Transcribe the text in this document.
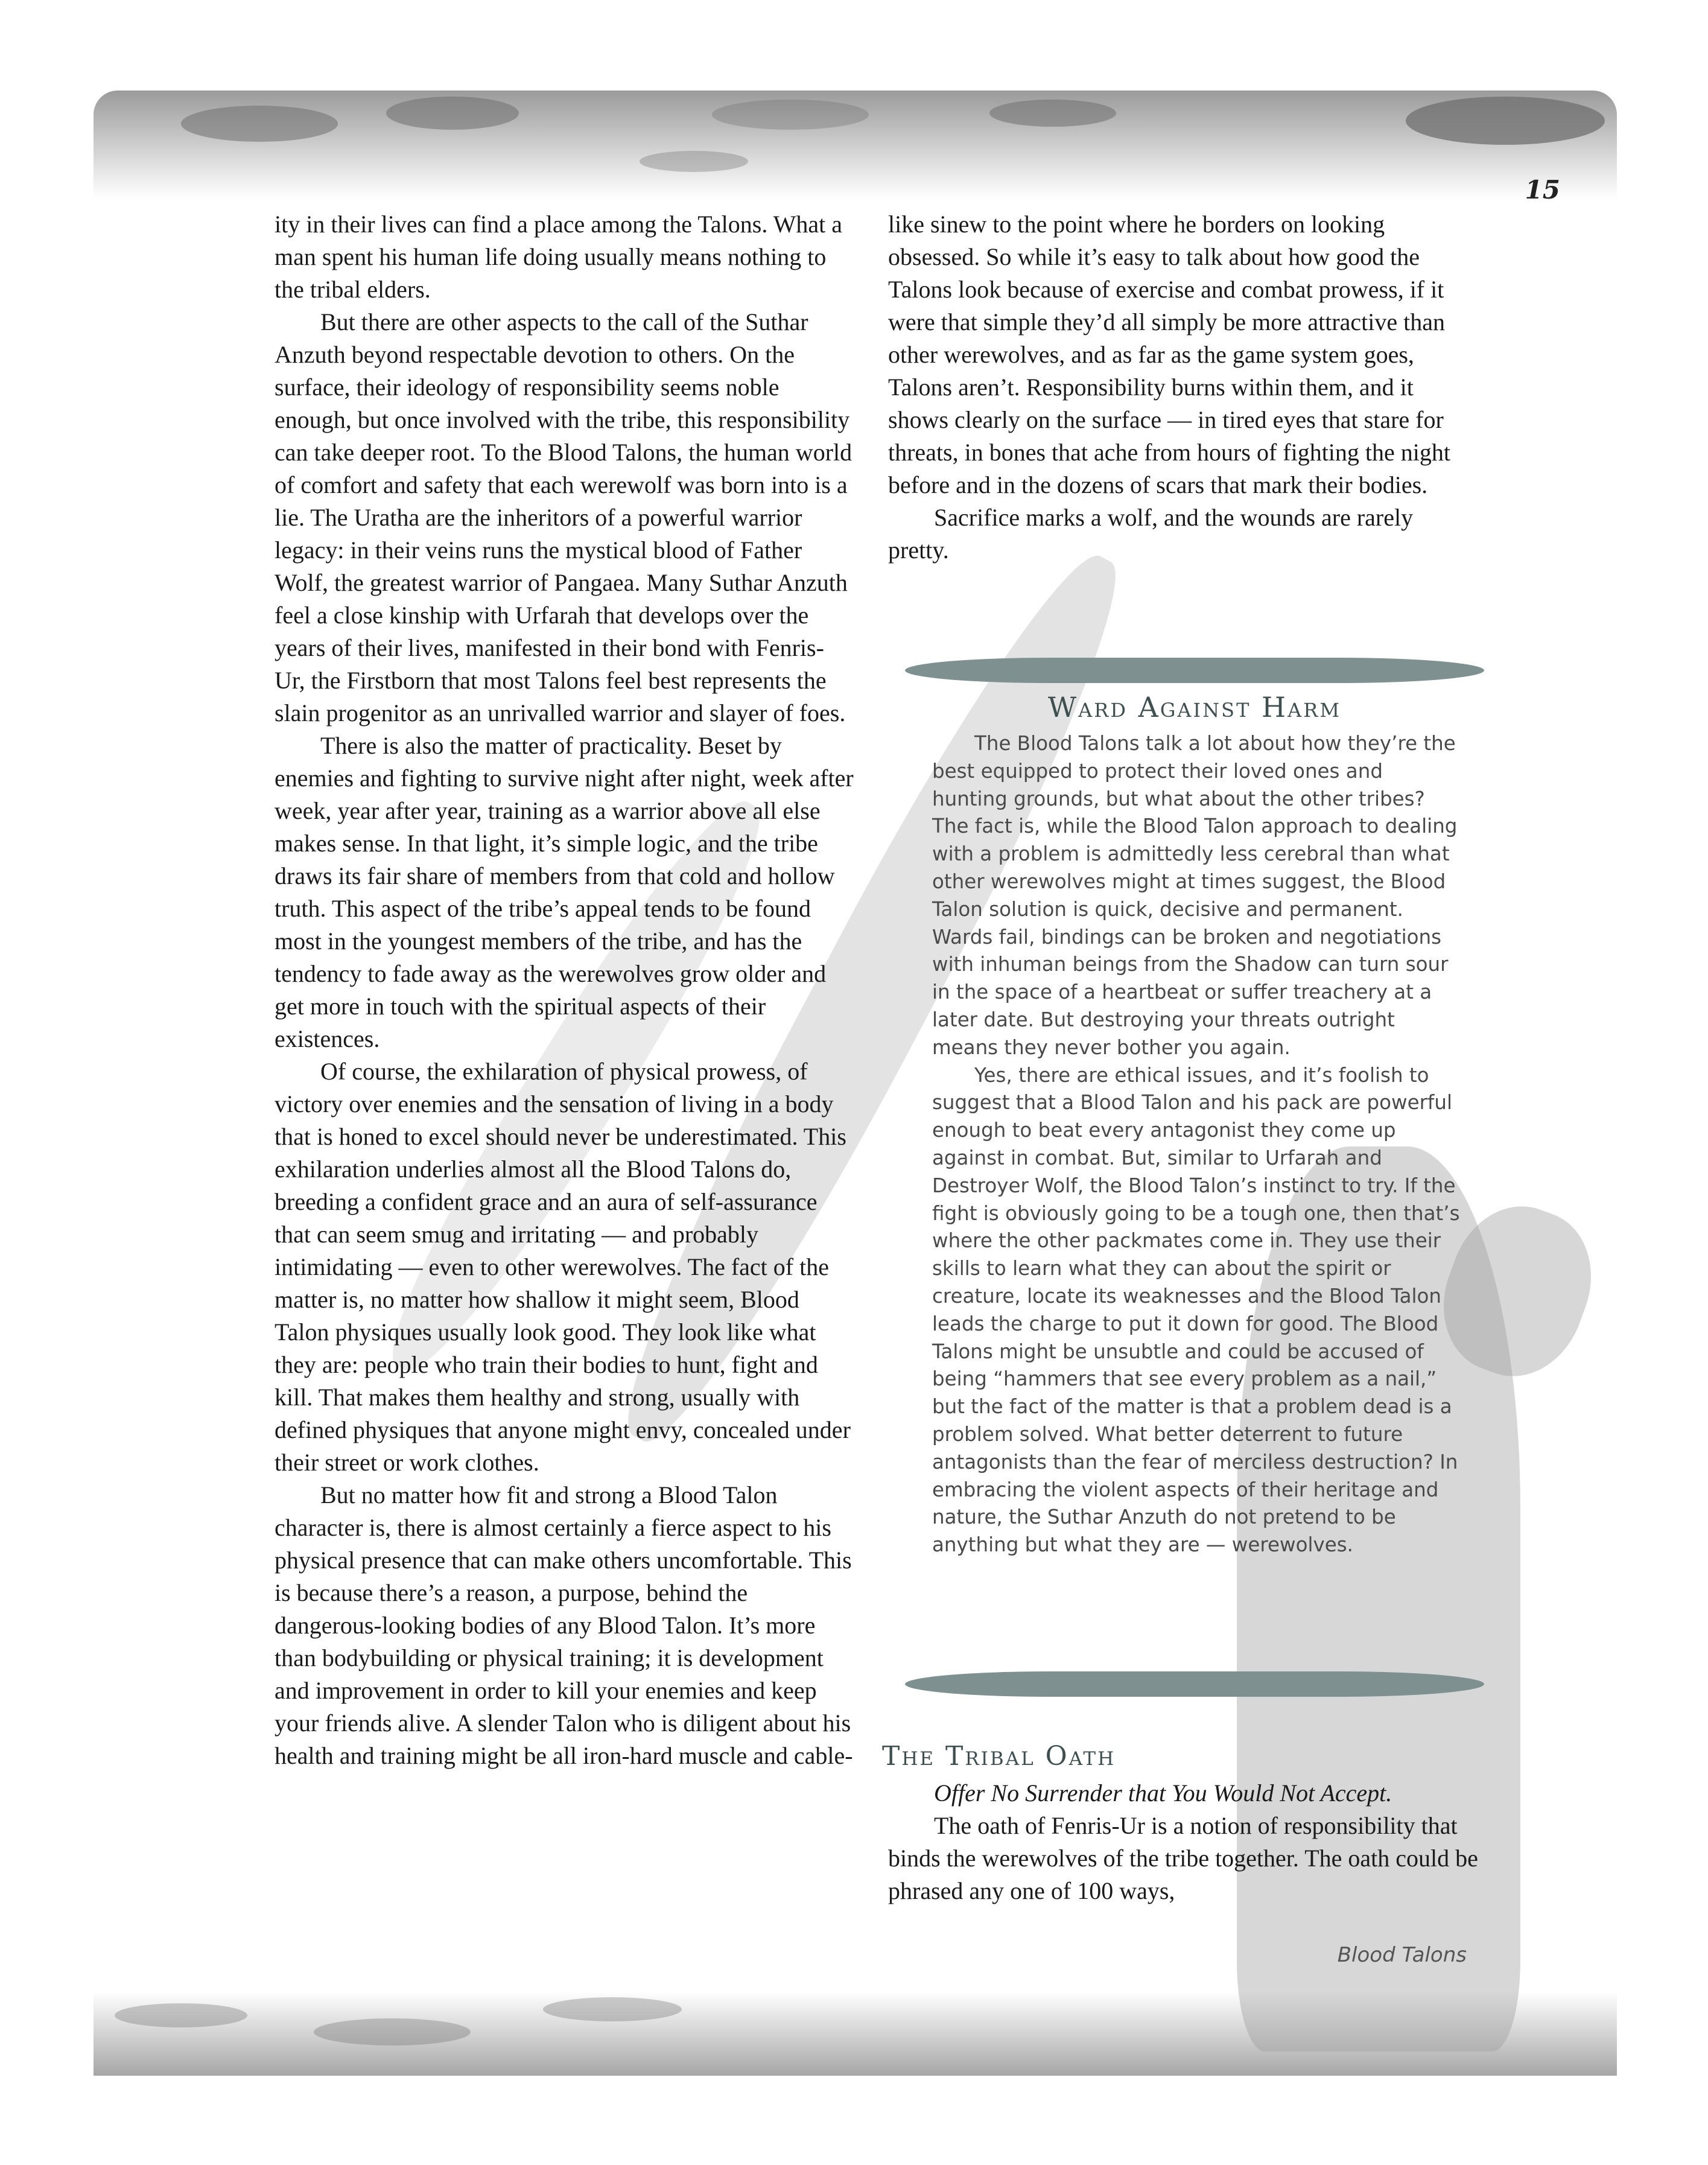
15

ity in their lives can find a place among the Talons. What a man spent his human life doing usually means nothing to the tribal elders.

But there are other aspects to the call of the Suthar Anzuth beyond respectable devotion to others. On the surface, their ideology of responsibility seems noble enough, but once involved with the tribe, this responsibility can take deeper root. To the Blood Talons, the human world of comfort and safety that each werewolf was born into is a lie. The Uratha are the inheritors of a powerful warrior legacy: in their veins runs the mystical blood of Father Wolf, the greatest warrior of Pangaea. Many Suthar Anzuth feel a close kinship with Urfarah that develops over the years of their lives, manifested in their bond with Fenris-Ur, the Firstborn that most Talons feel best represents the slain progenitor as an unrivalled warrior and slayer of foes.

There is also the matter of practicality. Beset by enemies and fighting to survive night after night, week after week, year after year, training as a warrior above all else makes sense. In that light, it’s simple logic, and the tribe draws its fair share of members from that cold and hollow truth. This aspect of the tribe’s appeal tends to be found most in the youngest members of the tribe, and has the tendency to fade away as the werewolves grow older and get more in touch with the spiritual aspects of their existences.

Of course, the exhilaration of physical prowess, of victory over enemies and the sensation of living in a body that is honed to excel should never be underestimated. This exhilaration underlies almost all the Blood Talons do, breeding a confident grace and an aura of self-assurance that can seem smug and irritating — and probably intimidating — even to other werewolves. The fact of the matter is, no matter how shallow it might seem, Blood Talon physiques usually look good. They look like what they are: people who train their bodies to hunt, fight and kill. That makes them healthy and strong, usually with defined physiques that anyone might envy, concealed under their street or work clothes.

But no matter how fit and strong a Blood Talon character is, there is almost certainly a fierce aspect to his physical presence that can make others uncomfortable. This is because there’s a reason, a purpose, behind the dangerous-looking bodies of any Blood Talon. It’s more than bodybuilding or physical training; it is development and improvement in order to kill your enemies and keep your friends alive. A slender Talon who is diligent about his health and training might be all iron-hard muscle and cable-

like sinew to the point where he borders on looking obsessed. So while it’s easy to talk about how good the Talons look because of exercise and combat prowess, if it were that simple they’d all simply be more attractive than other werewolves, and as far as the game system goes, Talons aren’t. Responsibility burns within them, and it shows clearly on the surface — in tired eyes that stare for threats, in bones that ache from hours of fighting the night before and in the dozens of scars that mark their bodies.

Sacrifice marks a wolf, and the wounds are rarely pretty.

Ward Against Harm

The Blood Talons talk a lot about how they’re the best equipped to protect their loved ones and hunting grounds, but what about the other tribes? The fact is, while the Blood Talon approach to dealing with a problem is admittedly less cerebral than what other werewolves might at times suggest, the Blood Talon solution is quick, decisive and permanent. Wards fail, bindings can be broken and negotiations with inhuman beings from the Shadow can turn sour in the space of a heartbeat or suffer treachery at a later date. But destroying your threats outright means they never bother you again.

Yes, there are ethical issues, and it’s foolish to suggest that a Blood Talon and his pack are powerful enough to beat every antagonist they come up against in combat. But, similar to Urfarah and Destroyer Wolf, the Blood Talon’s instinct to try. If the fight is obviously going to be a tough one, then that’s where the other packmates come in. They use their skills to learn what they can about the spirit or creature, locate its weaknesses and the Blood Talon leads the charge to put it down for good. The Blood Talons might be unsubtle and could be accused of being “hammers that see every problem as a nail,” but the fact of the matter is that a problem dead is a problem solved. What better deterrent to future antagonists than the fear of merciless destruction? In embracing the violent aspects of their heritage and nature, the Suthar Anzuth do not pretend to be anything but what they are — werewolves.

The Tribal Oath

Offer No Surrender that You Would Not Accept.

The oath of Fenris-Ur is a notion of responsibility that binds the werewolves of the tribe together. The oath could be phrased any one of 100 ways,

Blood Talons
